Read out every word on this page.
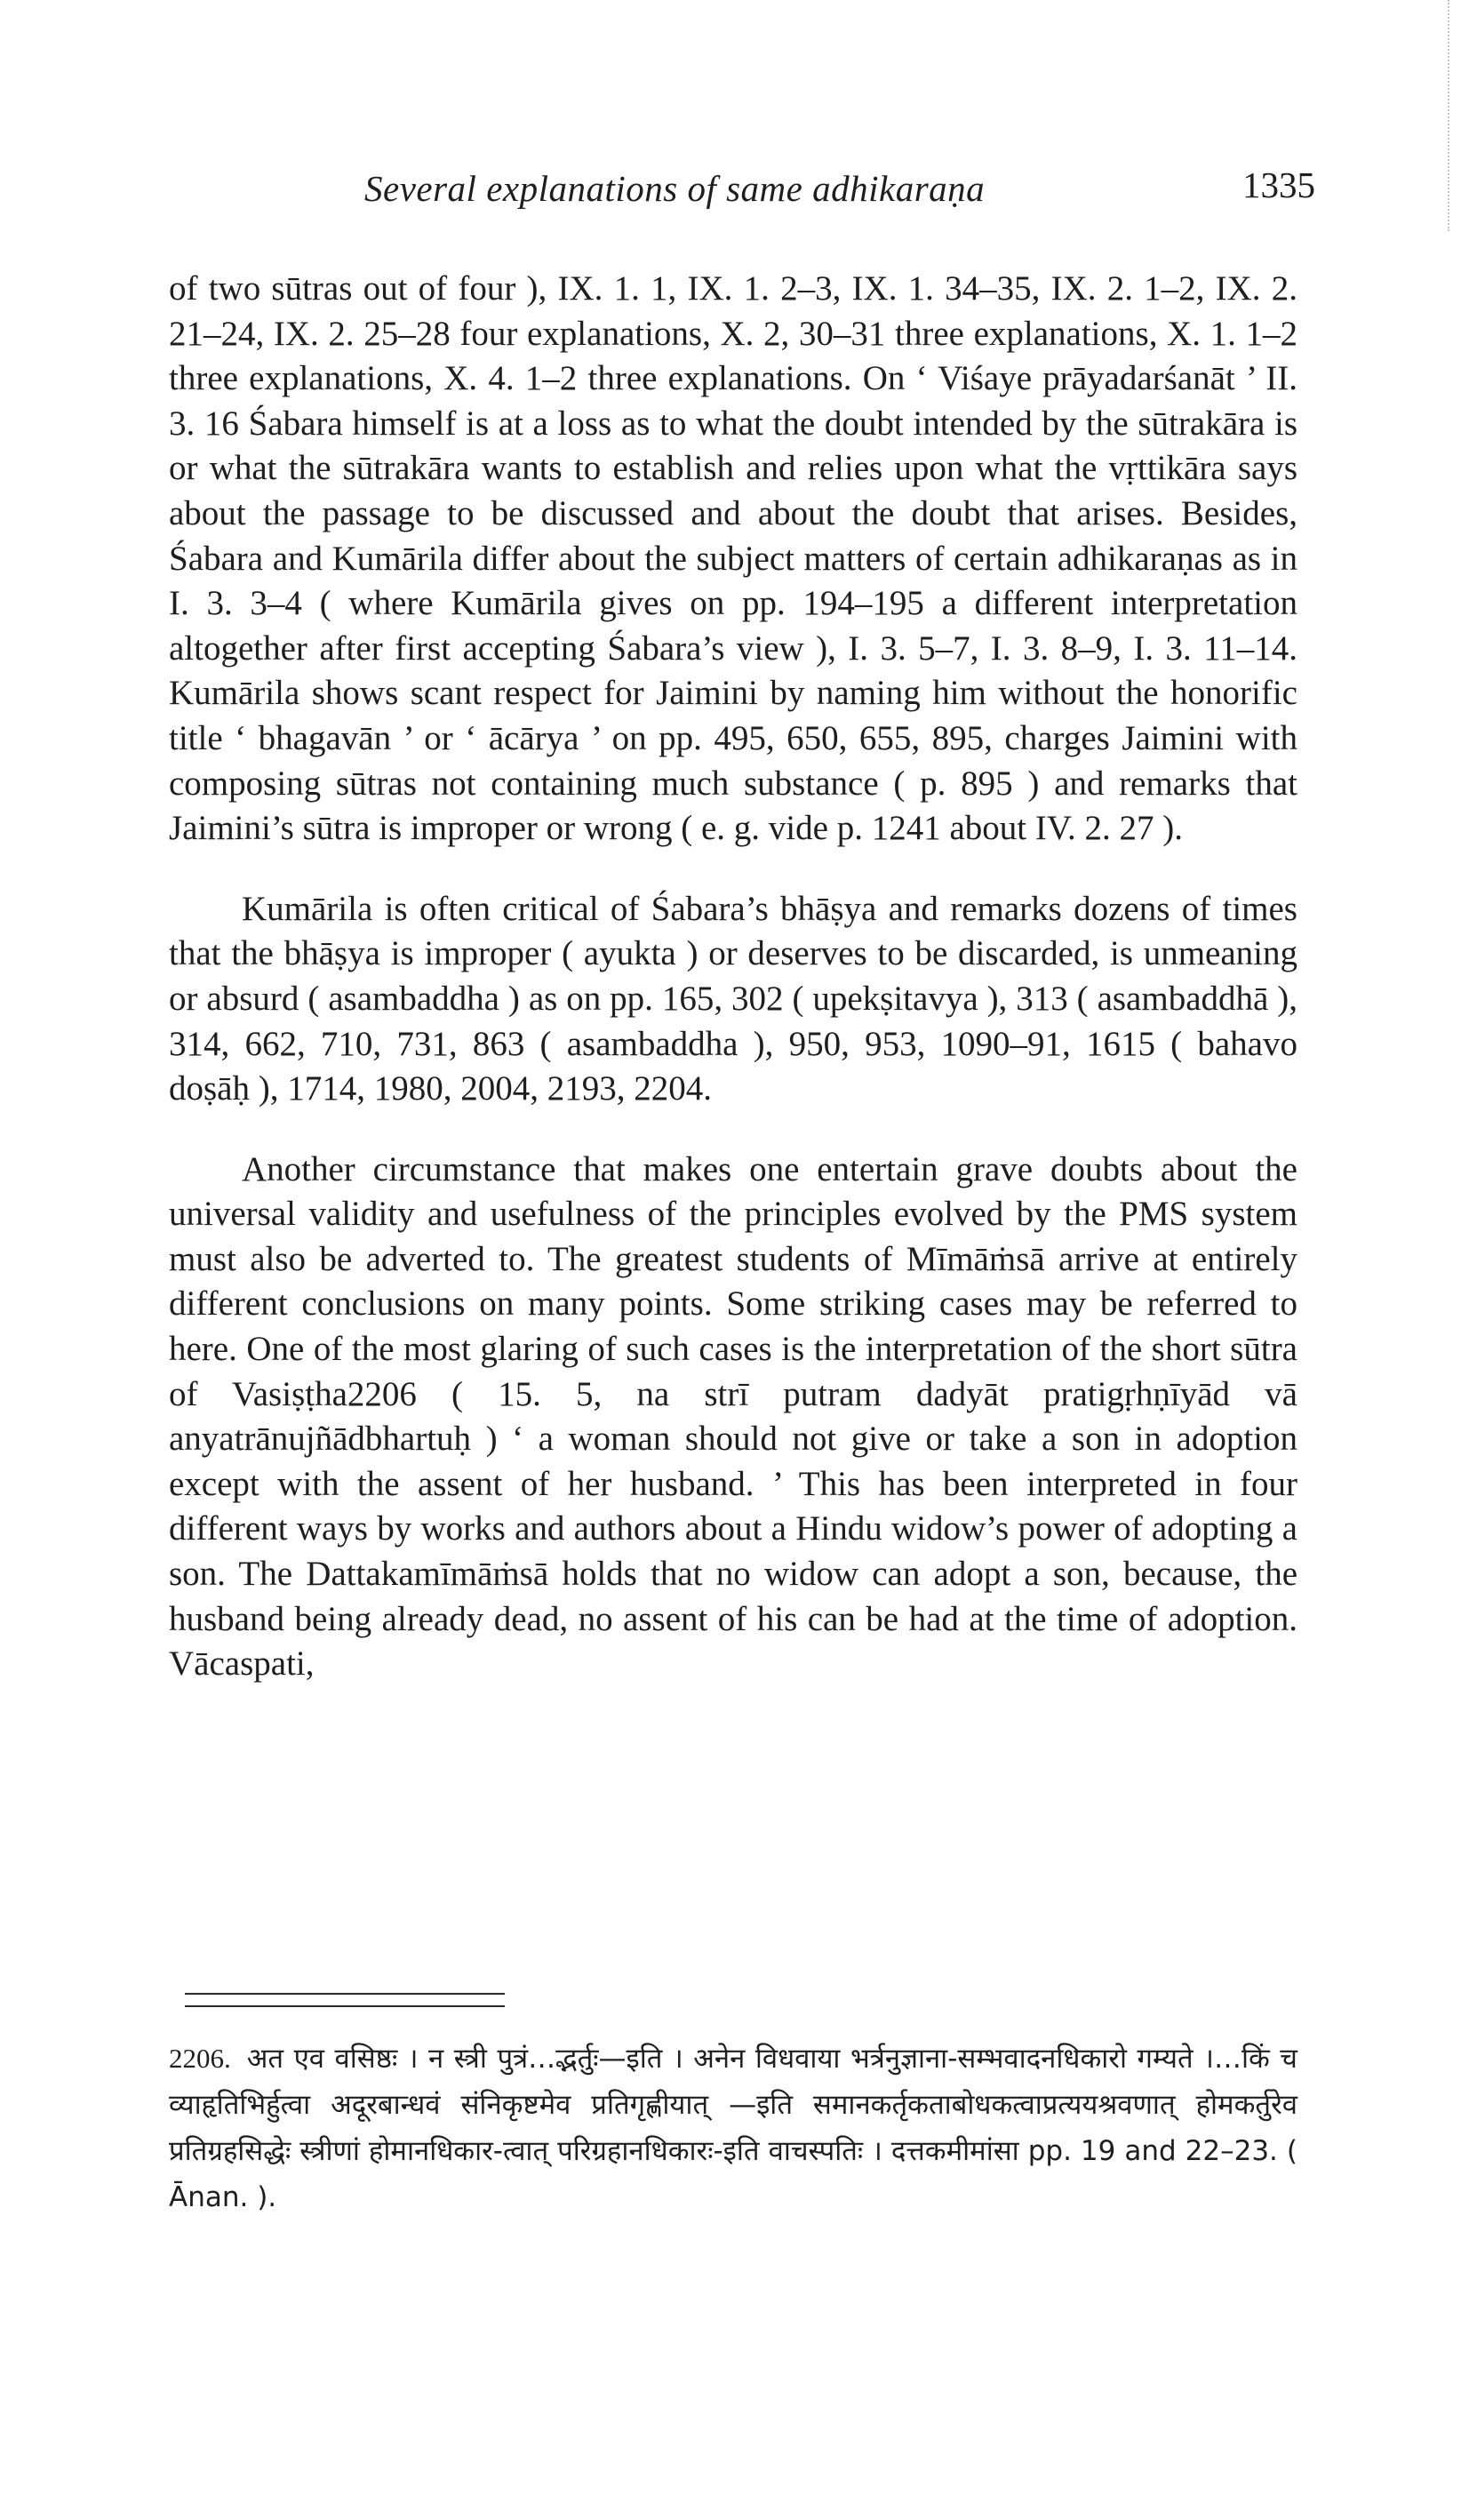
Several explanations of same adhikaraṇa	1335

of two sūtras out of four ), IX. 1. 1, IX. 1. 2–3, IX. 1. 34–35, IX. 2. 1–2, IX. 2. 21–24, IX. 2. 25–28 four explanations, X. 2, 30–31 three explanations, X. 1. 1–2 three explanations, X. 4. 1–2 three explanations. On ‘ Viśaye prāyadarśanāt ’ II. 3. 16 Śabara himself is at a loss as to what the doubt intended by the sūtrakāra is or what the sūtrakāra wants to establish and relies upon what the vṛttikāra says about the passage to be discussed and about the doubt that arises. Besides, Śabara and Kumārila differ about the subject matters of certain adhikaraṇas as in I. 3. 3–4 ( where Kumārila gives on pp. 194–195 a different interpretation altogether after first accepting Śabara’s view ), I. 3. 5–7, I. 3. 8–9, I. 3. 11–14. Kumārila shows scant respect for Jaimini by naming him without the honorific title ‘ bhagavān ’ or ‘ ācārya ’ on pp. 495, 650, 655, 895, charges Jaimini with composing sūtras not containing much substance ( p. 895 ) and remarks that Jaimini’s sūtra is improper or wrong ( e. g. vide p. 1241 about IV. 2. 27 ).

Kumārila is often critical of Śabara’s bhāṣya and remarks dozens of times that the bhāṣya is improper ( ayukta ) or deserves to be discarded, is unmeaning or absurd ( asambaddha ) as on pp. 165, 302 ( upekṣitavya ), 313 ( asambaddhā ), 314, 662, 710, 731, 863 ( asambaddha ), 950, 953, 1090–91, 1615 ( bahavo doṣāḥ ), 1714, 1980, 2004, 2193, 2204.

Another circumstance that makes one entertain grave doubts about the universal validity and usefulness of the principles evolved by the PMS system must also be adverted to. The greatest students of Mīmāṁsā arrive at entirely different conclusions on many points. Some striking cases may be referred to here. One of the most glaring of such cases is the interpretation of the short sūtra of Vasiṣṭha2206 ( 15. 5, na strī putram dadyāt pratigṛhṇīyād vā anyatrānujñādbhartuḥ ) ‘ a woman should not give or take a son in adoption except with the assent of her husband. ’ This has been interpreted in four different ways by works and authors about a Hindu widow’s power of adopting a son. The Dattakamīmāṁsā holds that no widow can adopt a son, because, the husband being already dead, no assent of his can be had at the time of adoption. Vācaspati,

2206. अत एव वसिष्ठः । न स्त्री पुत्रं…द्भर्तुः—इति । अनेन विधवाया भर्त्रनुज्ञाना-सम्भवादनधिकारो गम्यते ।…किं च व्याहृतिभिर्हुत्वा अदूरबान्धवं संनिकृष्टमेव प्रतिगृह्णीयात् —इति समानकर्तृकताबोधकत्वाप्रत्ययश्रवणात् होमकर्तुरेव प्रतिग्रहसिद्धेः स्त्रीणां होमानधिकार-त्वात् परिग्रहानधिकारः-इति वाचस्पतिः । दत्तकमीमांसा pp. 19 and 22–23. ( Ānan. ).
